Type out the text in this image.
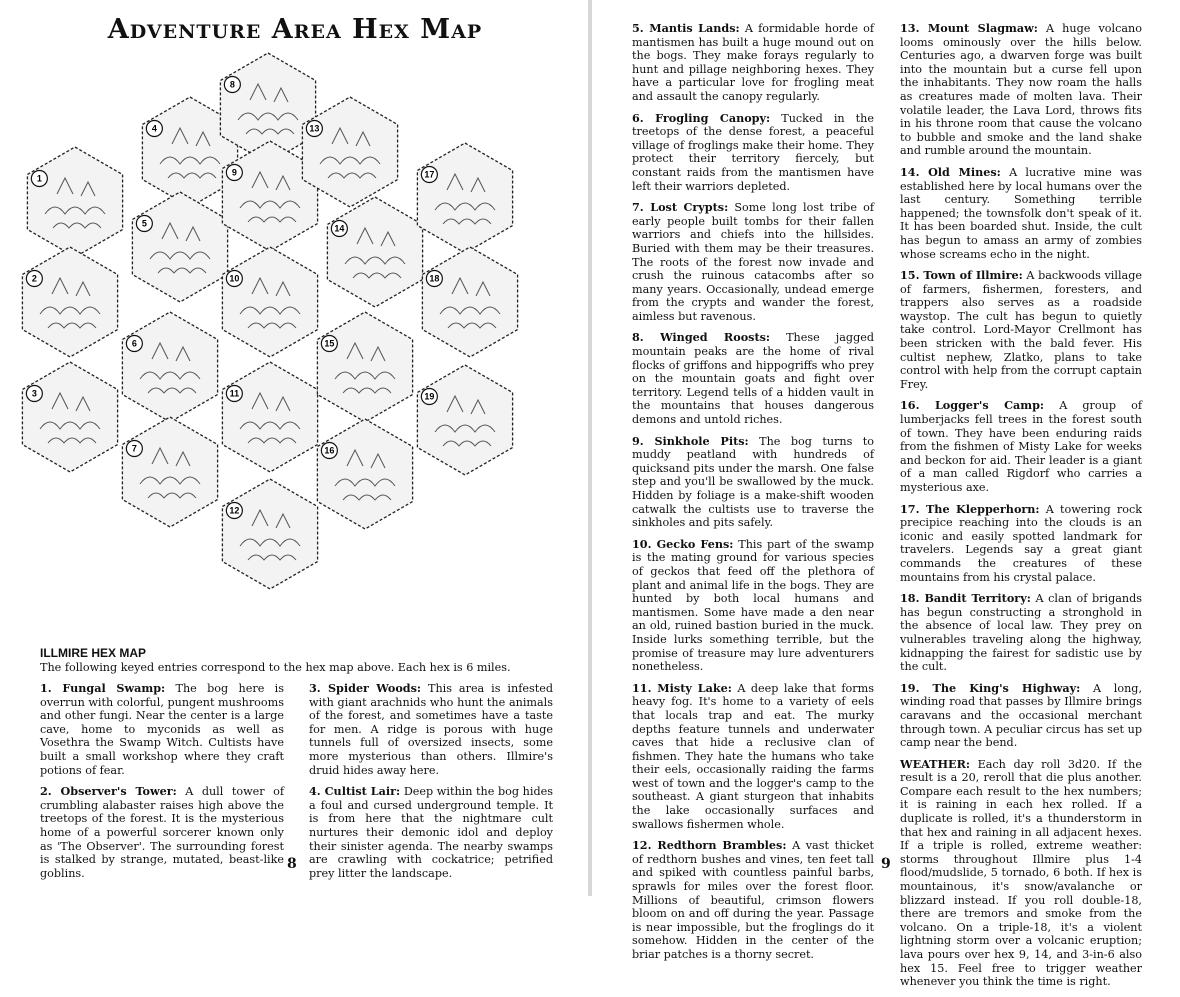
Adventure Area Hex Map
1
2
3
4
5
6
7
8
9
10
11
12
13
14
15
16
17
18
19
ILLMIRE HEX MAP
The following keyed entries correspond to the hex map above. Each hex is 6 miles.

1. Fungal Swamp: The bog here is overrun with colorful, pungent mushrooms and other fungi. Near the center is a large cave, home to myconids as well as Vosethra the Swamp Witch. Cultists have built a small workshop where they craft potions of fear.

2. Observer's Tower: A dull tower of crumbling alabaster raises high above the treetops of the forest. It is the mysterious home of a powerful sorcerer known only as 'The Observer'. The surrounding forest is stalked by strange, mutated, beast-like goblins.

3. Spider Woods: This area is infested with giant arachnids who hunt the animals of the forest, and sometimes have a taste for men. A ridge is porous with huge tunnels full of oversized insects, some more mysterious than others. Illmire's druid hides away here.

4. Cultist Lair: Deep within the bog hides a foul and cursed underground temple. It is from here that the nightmare cult nurtures their demonic idol and deploy their sinister agenda. The nearby swamps are crawling with cockatrice; petrified prey litter the landscape.

8

5. Mantis Lands: A formidable horde of mantismen has built a huge mound out on the bogs. They make forays regularly to hunt and pillage neighboring hexes. They have a particular love for frogling meat and assault the canopy regularly.

6. Frogling Canopy: Tucked in the treetops of the dense forest, a peaceful village of froglings make their home. They protect their territory fiercely, but constant raids from the mantismen have left their warriors depleted.

7. Lost Crypts: Some long lost tribe of early people built tombs for their fallen warriors and chiefs into the hillsides. Buried with them may be their treasures. The roots of the forest now invade and crush the ruinous catacombs after so many years. Occasionally, undead emerge from the crypts and wander the forest, aimless but ravenous.

8. Winged Roosts: These jagged mountain peaks are the home of rival flocks of griffons and hippogriffs who prey on the mountain goats and fight over territory. Legend tells of a hidden vault in the mountains that houses dangerous demons and untold riches.

9. Sinkhole Pits: The bog turns to muddy peatland with hundreds of quicksand pits under the marsh. One false step and you'll be swallowed by the muck. Hidden by foliage is a make-shift wooden catwalk the cultists use to traverse the sinkholes and pits safely.

10. Gecko Fens: This part of the swamp is the mating ground for various species of geckos that feed off the plethora of plant and animal life in the bogs. They are hunted by both local humans and mantismen. Some have made a den near an old, ruined bastion buried in the muck. Inside lurks something terrible, but the promise of treasure may lure adventurers nonetheless.

11. Misty Lake: A deep lake that forms heavy fog. It's home to a variety of eels that locals trap and eat. The murky depths feature tunnels and underwater caves that hide a reclusive clan of fishmen. They hate the humans who take their eels, occasionally raiding the farms west of town and the logger's camp to the southeast. A giant sturgeon that inhabits the lake occasionally surfaces and swallows fishermen whole.

12. Redthorn Brambles: A vast thicket of redthorn bushes and vines, ten feet tall and spiked with countless painful barbs, sprawls for miles over the forest floor. Millions of beautiful, crimson flowers bloom on and off during the year. Passage is near impossible, but the froglings do it somehow. Hidden in the center of the briar patches is a thorny secret.

13. Mount Slagmaw: A huge volcano looms ominously over the hills below. Centuries ago, a dwarven forge was built into the mountain but a curse fell upon the inhabitants. They now roam the halls as creatures made of molten lava. Their volatile leader, the Lava Lord, throws fits in his throne room that cause the volcano to bubble and smoke and the land shake and rumble around the mountain.

14. Old Mines: A lucrative mine was established here by local humans over the last century. Something terrible happened; the townsfolk don't speak of it. It has been boarded shut. Inside, the cult has begun to amass an army of zombies whose screams echo in the night.

15. Town of Illmire: A backwoods village of farmers, fishermen, foresters, and trappers also serves as a roadside waystop. The cult has begun to quietly take control. Lord-Mayor Crellmont has been stricken with the bald fever. His cultist nephew, Zlatko, plans to take control with help from the corrupt captain Frey.

16. Logger's Camp: A group of lumberjacks fell trees in the forest south of town. They have been enduring raids from the fishmen of Misty Lake for weeks and beckon for aid. Their leader is a giant of a man called Rigdorf who carries a mysterious axe.

17. The Klepperhorn: A towering rock precipice reaching into the clouds is an iconic and easily spotted landmark for travelers. Legends say a great giant commands the creatures of these mountains from his crystal palace.

18. Bandit Territory: A clan of brigands has begun constructing a stronghold in the absence of local law. They prey on vulnerables traveling along the highway, kidnapping the fairest for sadistic use by the cult.

19. The King's Highway: A long, winding road that passes by Illmire brings caravans and the occasional merchant through town. A peculiar circus has set up camp near the bend.

WEATHER: Each day roll 3d20. If the result is a 20, reroll that die plus another. Compare each result to the hex numbers; it is raining in each hex rolled. If a duplicate is rolled, it's a thunderstorm in that hex and raining in all adjacent hexes. If a triple is rolled, extreme weather: storms throughout Illmire plus 1-4 flood/mudslide, 5 tornado, 6 both. If hex is mountainous, it's snow/avalanche or blizzard instead. If you roll double-18, there are tremors and smoke from the volcano. On a triple-18, it's a violent lightning storm over a volcanic eruption; lava pours over hex 9, 14, and 3-in-6 also hex 15. Feel free to trigger weather whenever you think the time is right.

9
